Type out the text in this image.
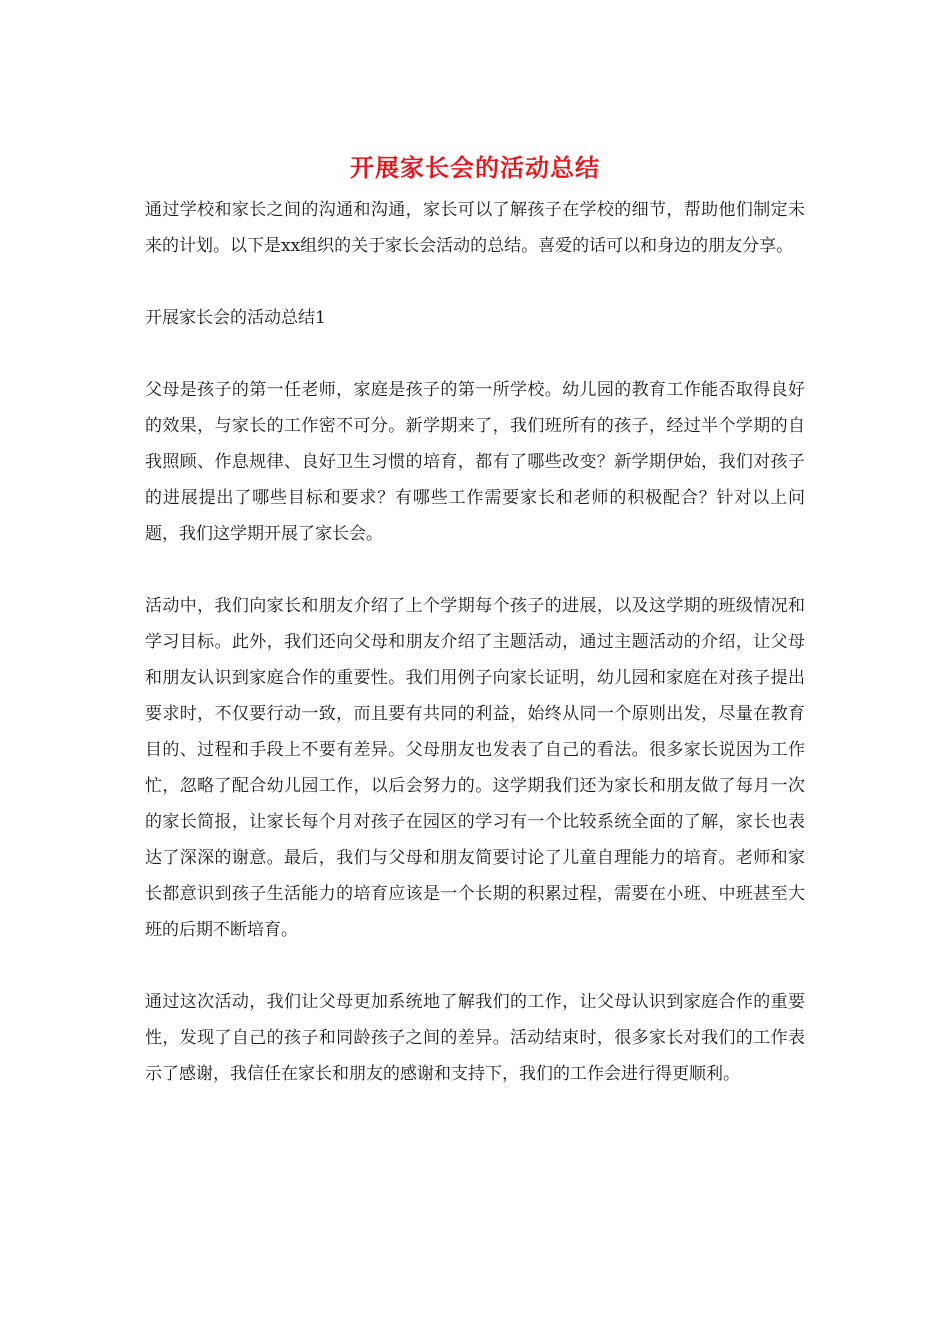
开展家长会的活动总结

通过学校和家长之间的沟通和沟通，家长可以了解孩子在学校的细节，帮助他们制定未来的计划。以下是xx组织的关于家长会活动的总结。喜爱的话可以和身边的朋友分享。

开展家长会的活动总结1

父母是孩子的第一任老师，家庭是孩子的第一所学校。幼儿园的教育工作能否取得良好的效果，与家长的工作密不可分。新学期来了，我们班所有的孩子，经过半个学期的自我照顾、作息规律、良好卫生习惯的培育，都有了哪些改变？新学期伊始，我们对孩子的进展提出了哪些目标和要求？有哪些工作需要家长和老师的积极配合？针对以上问题，我们这学期开展了家长会。

活动中，我们向家长和朋友介绍了上个学期每个孩子的进展，以及这学期的班级情况和学习目标。此外，我们还向父母和朋友介绍了主题活动，通过主题活动的介绍，让父母和朋友认识到家庭合作的重要性。我们用例子向家长证明，幼儿园和家庭在对孩子提出要求时，不仅要行动一致，而且要有共同的利益，始终从同一个原则出发，尽量在教育目的、过程和手段上不要有差异。父母朋友也发表了自己的看法。很多家长说因为工作忙，忽略了配合幼儿园工作，以后会努力的。这学期我们还为家长和朋友做了每月一次的家长简报，让家长每个月对孩子在园区的学习有一个比较系统全面的了解，家长也表达了深深的谢意。最后，我们与父母和朋友简要讨论了儿童自理能力的培育。老师和家长都意识到孩子生活能力的培育应该是一个长期的积累过程，需要在小班、中班甚至大班的后期不断培育。

通过这次活动，我们让父母更加系统地了解我们的工作，让父母认识到家庭合作的重要性，发现了自己的孩子和同龄孩子之间的差异。活动结束时，很多家长对我们的工作表示了感谢，我信任在家长和朋友的感谢和支持下，我们的工作会进行得更顺利。
